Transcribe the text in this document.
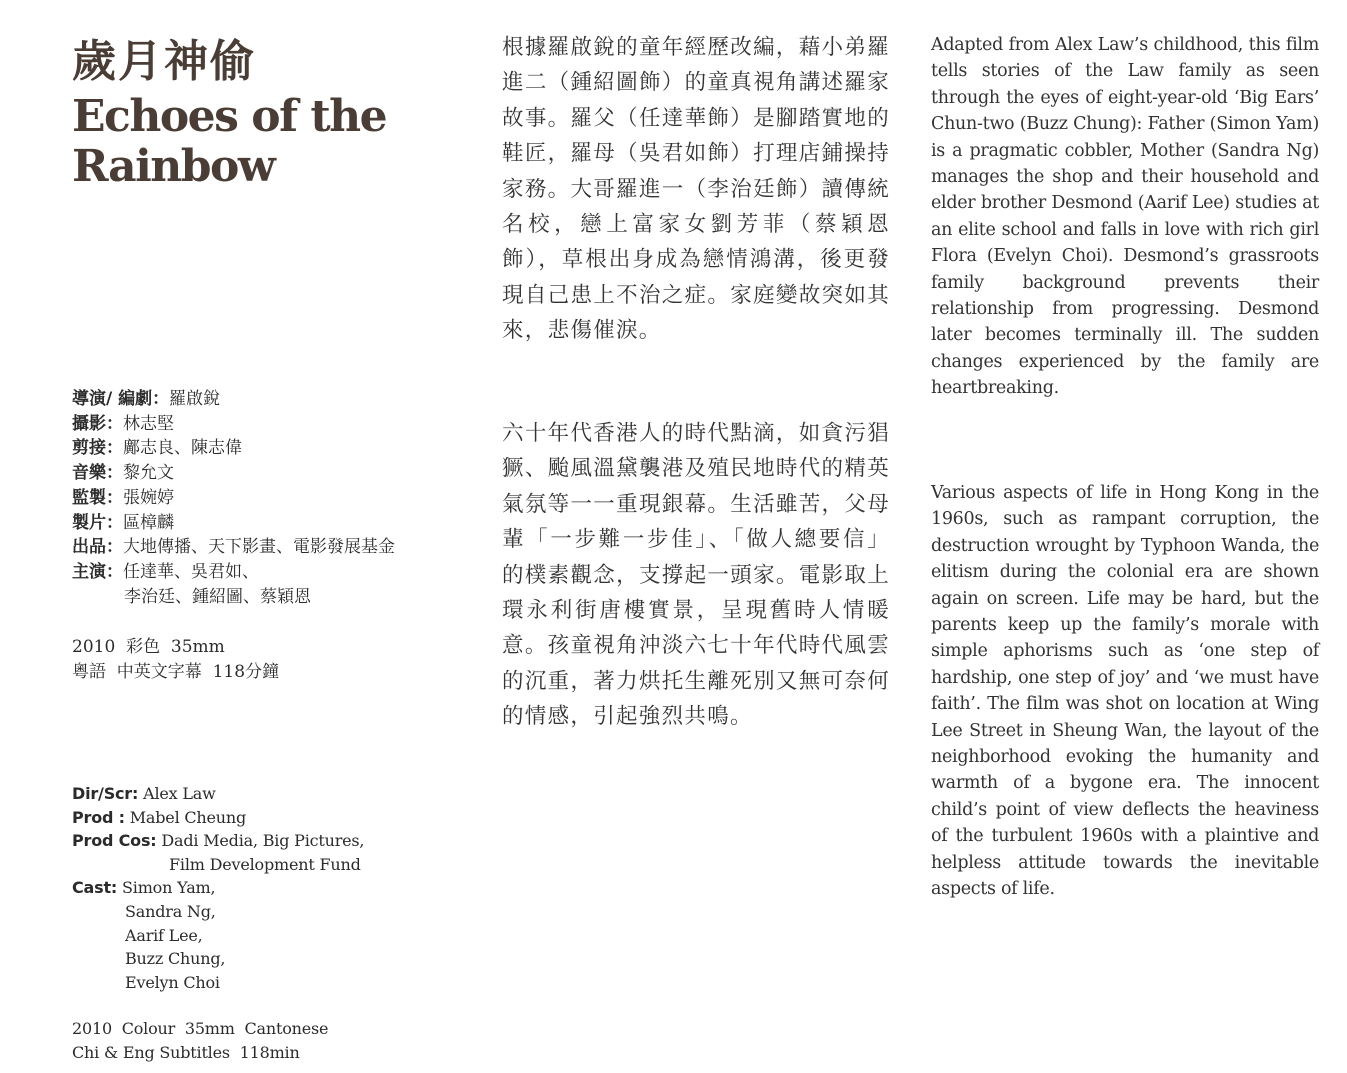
歲月神偷
Echoes of the
Rainbow
導演/ 編劇： 羅啟銳
攝影： 林志堅
剪接： 鄺志良、陳志偉
音樂： 黎允文
監製： 張婉婷
製片： 區樟麟
出品： 大地傳播、天下影畫、電影發展基金
主演： 任達華、吳君如、
李治廷、鍾紹圖、蔡穎恩
2010  彩色  35mm
粵語  中英文字幕  118分鐘
Dir/Scr: Alex Law
Prod : Mabel Cheung
Prod Cos: Dadi Media, Big Pictures,
Film Development Fund
Cast: Simon Yam,
Sandra Ng,
Aarif Lee,
Buzz Chung,
Evelyn Choi
2010  Colour  35mm  Cantonese
Chi & Eng Subtitles  118min

根據羅啟銳的童年經歷改編，藉小弟羅進二（鍾紹圖飾）的童真視角講述羅家故事。羅父（任達華飾）是腳踏實地的鞋匠，羅母（吳君如飾）打理店鋪操持家務。大哥羅進一（李治廷飾）讀傳統名校，戀上富家女劉芳菲（蔡穎恩飾），草根出身成為戀情鴻溝，後更發現自己患上不治之症。家庭變故突如其來，悲傷催淚。

六十年代香港人的時代點滴，如貪污猖獗、颱風溫黛襲港及殖民地時代的精英氣氛等一一重現銀幕。生活雖苦，父母輩「一步難一步佳」、「做人總要信」的樸素觀念，支撐起一頭家。電影取上環永利街唐樓實景，呈現舊時人情暖意。孩童視角沖淡六七十年代時代風雲的沉重，著力烘托生離死別又無可奈何的情感，引起強烈共鳴。

Adapted from Alex Law’s childhood, this film tells stories of the Law family as seen through the eyes of eight-year-old ‘Big Ears’ Chun-two (Buzz Chung): Father (Simon Yam) is a pragmatic cobbler, Mother (Sandra Ng) manages the shop and their household and elder brother Desmond (Aarif Lee) studies at an elite school and falls in love with rich girl Flora (Evelyn Choi). Desmond’s grassroots family background prevents their relationship from progressing. Desmond later becomes terminally ill. The sudden changes experienced by the family are heartbreaking.

Various aspects of life in Hong Kong in the 1960s, such as rampant corruption, the destruction wrought by Typhoon Wanda, the elitism during the colonial era are shown again on screen. Life may be hard, but the parents keep up the family’s morale with simple aphorisms such as ‘one step of hardship, one step of joy’ and ‘we must have faith’. The film was shot on location at Wing Lee Street in Sheung Wan, the layout of the neighborhood evoking the humanity and warmth of a bygone era. The innocent child’s point of view deflects the heaviness of the turbulent 1960s with a plaintive and helpless attitude towards the inevitable aspects of life.
